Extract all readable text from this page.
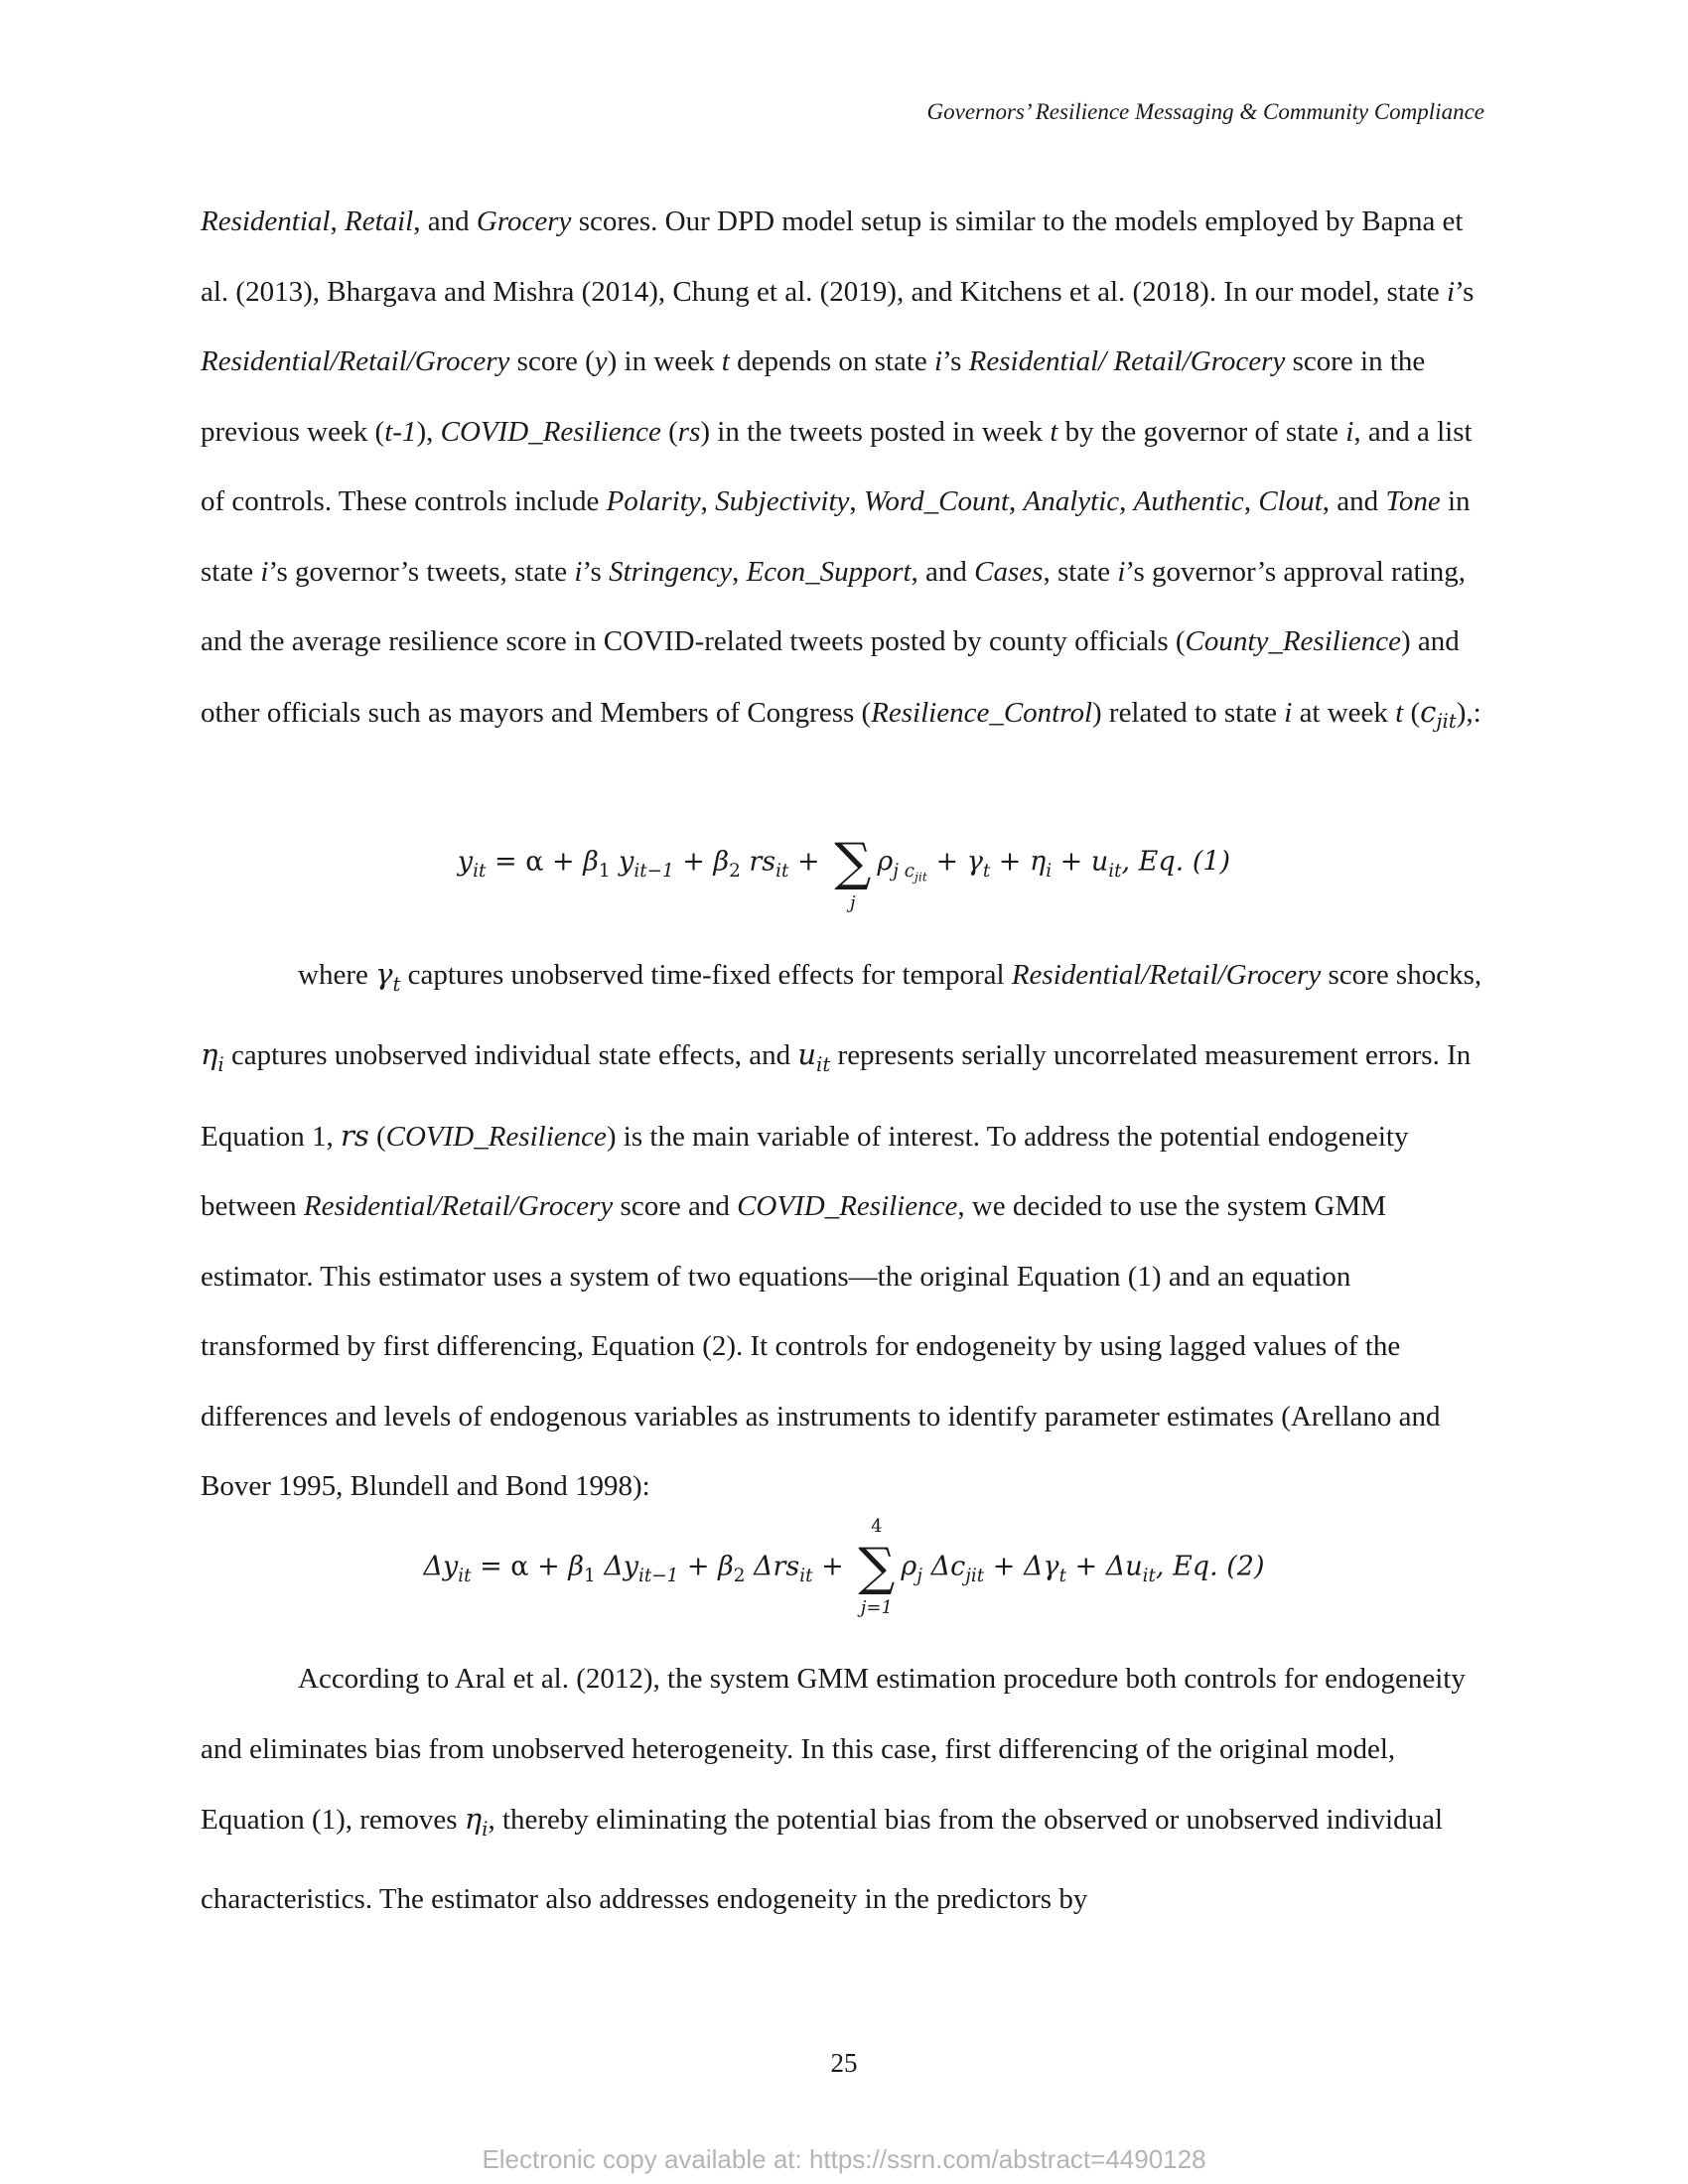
Governors’ Resilience Messaging & Community Compliance

Residential, Retail, and Grocery scores. Our DPD model setup is similar to the models employed by Bapna et al. (2013), Bhargava and Mishra (2014), Chung et al. (2019), and Kitchens et al. (2018). In our model, state i’s Residential/Retail/Grocery score (y) in week t depends on state i’s Residential/ Retail/Grocery score in the previous week (t-1), COVID_Resilience (rs) in the tweets posted in week t by the governor of state i, and a list of controls. These controls include Polarity, Subjectivity, Word_Count, Analytic, Authentic, Clout, and Tone in state i’s governor’s tweets, state i’s Stringency, Econ_Support, and Cases, state i’s governor’s approval rating, and the average resilience score in COVID-related tweets posted by county officials (County_Resilience) and other officials such as mayors and Members of Congress (Resilience_Control) related to state i at week t $(c_{jit})$,:

$y_{it} = \alpha + \beta_1$ $y_{it-1} + \beta_2$ $rs_{it}$ + ∑
j
$\rho_{j c_{jit}} + \gamma_t + \eta_i + u_{it}$, Eq. (1)
where $\gamma_t$ captures unobserved time-fixed effects for temporal Residential/Retail/Grocery score shocks, $\eta_i$ captures unobserved individual state effects, and $u_{it}$ represents serially uncorrelated measurement errors. In Equation 1, rs (COVID_Resilience) is the main variable of interest. To address the potential endogeneity between Residential/Retail/Grocery score and COVID_Resilience, we decided to use the system GMM estimator. This estimator uses a system of two equations—the original Equation (1) and an equation transformed by first differencing, Equation (2). It controls for endogeneity by using lagged values of the differences and levels of endogenous variables as instruments to identify parameter estimates (Arellano and Bover 1995, Blundell and Bond 1998):
$\Delta y_{it} = \alpha + \beta_1$ $\Delta y_{it-1} + \beta_2$ Δrs$_{it}$ +
4
∑
j=1
$\rho_j$ $\Delta c_{jit} + \Delta\gamma_t + \Delta u_{it}$, Eq. (2)
According to Aral et al. (2012), the system GMM estimation procedure both controls for endogeneity and eliminates bias from unobserved heterogeneity. In this case, first differencing of the original model, Equation (1), removes $\eta_i$, thereby eliminating the potential bias from the observed or unobserved individual characteristics. The estimator also addresses endogeneity in the predictors by
25
Electronic copy available at: https://ssrn.com/abstract=4490128
